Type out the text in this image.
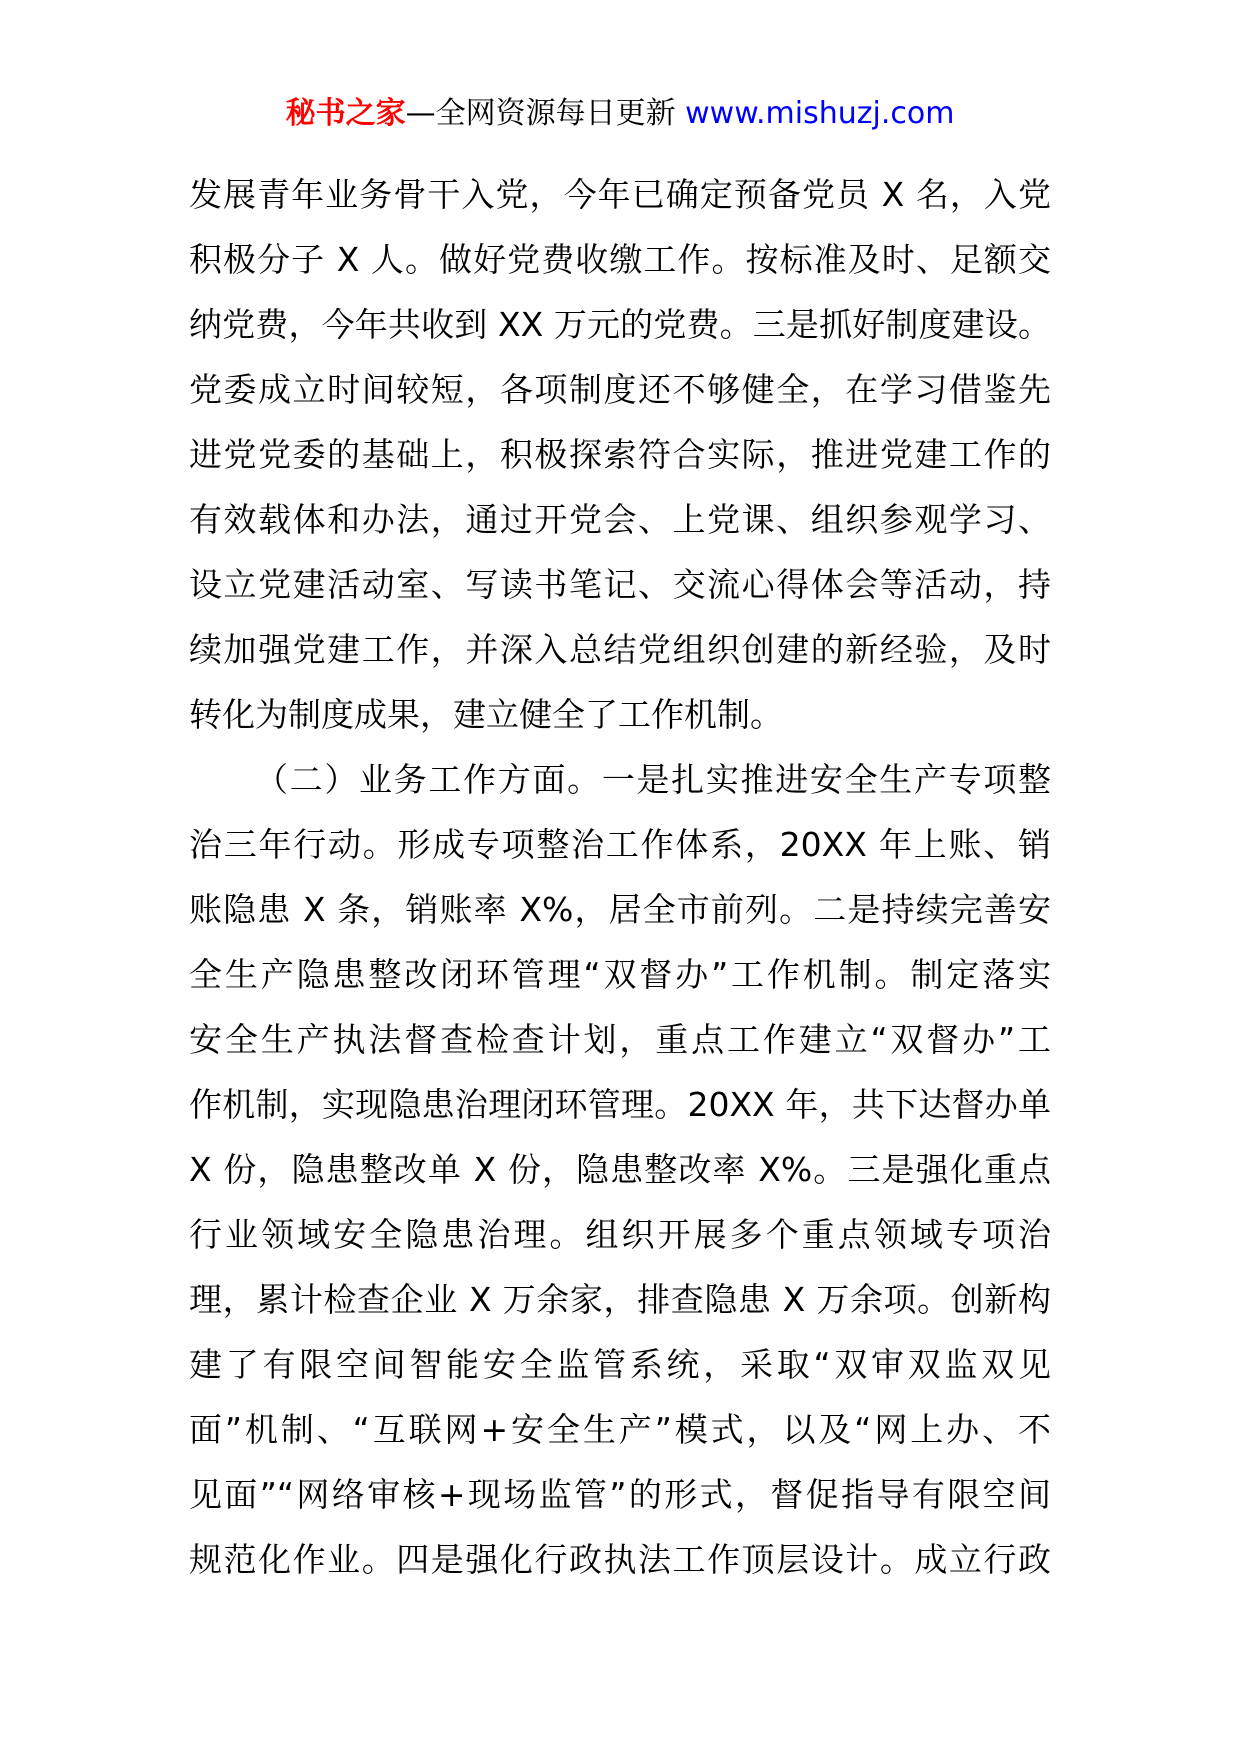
秘书之家—全网资源每日更新 www.mishuzj.com
发展青年业务骨干入党，今年已确定预备党员 X 名，入党
积极分子 X 人。做好党费收缴工作。按标准及时、足额交
纳党费，今年共收到 XX 万元的党费。三是抓好制度建设。
党委成立时间较短，各项制度还不够健全，在学习借鉴先
进党党委的基础上，积极探索符合实际，推进党建工作的
有效载体和办法，通过开党会、上党课、组织参观学习、
设立党建活动室、写读书笔记、交流心得体会等活动，持
续加强党建工作，并深入总结党组织创建的新经验，及时
转化为制度成果，建立健全了工作机制。
（二）业务工作方面。一是扎实推进安全生产专项整
治三年行动。形成专项整治工作体系，20XX 年上账、销
账隐患 X 条，销账率 X%，居全市前列。二是持续完善安
全生产隐患整改闭环管理“双督办”工作机制。制定落实
安全生产执法督查检查计划，重点工作建立“双督办”工
作机制，实现隐患治理闭环管理。20XX 年，共下达督办单
X 份，隐患整改单 X 份，隐患整改率 X%。三是强化重点
行业领域安全隐患治理。组织开展多个重点领域专项治
理，累计检查企业 X 万余家，排查隐患 X 万余项。创新构
建了有限空间智能安全监管系统，采取“双审双监双见
面”机制、“互联网+安全生产”模式，以及“网上办、不
见面”“网络审核+现场监管”的形式，督促指导有限空间
规范化作业。四是强化行政执法工作顶层设计。成立行政
